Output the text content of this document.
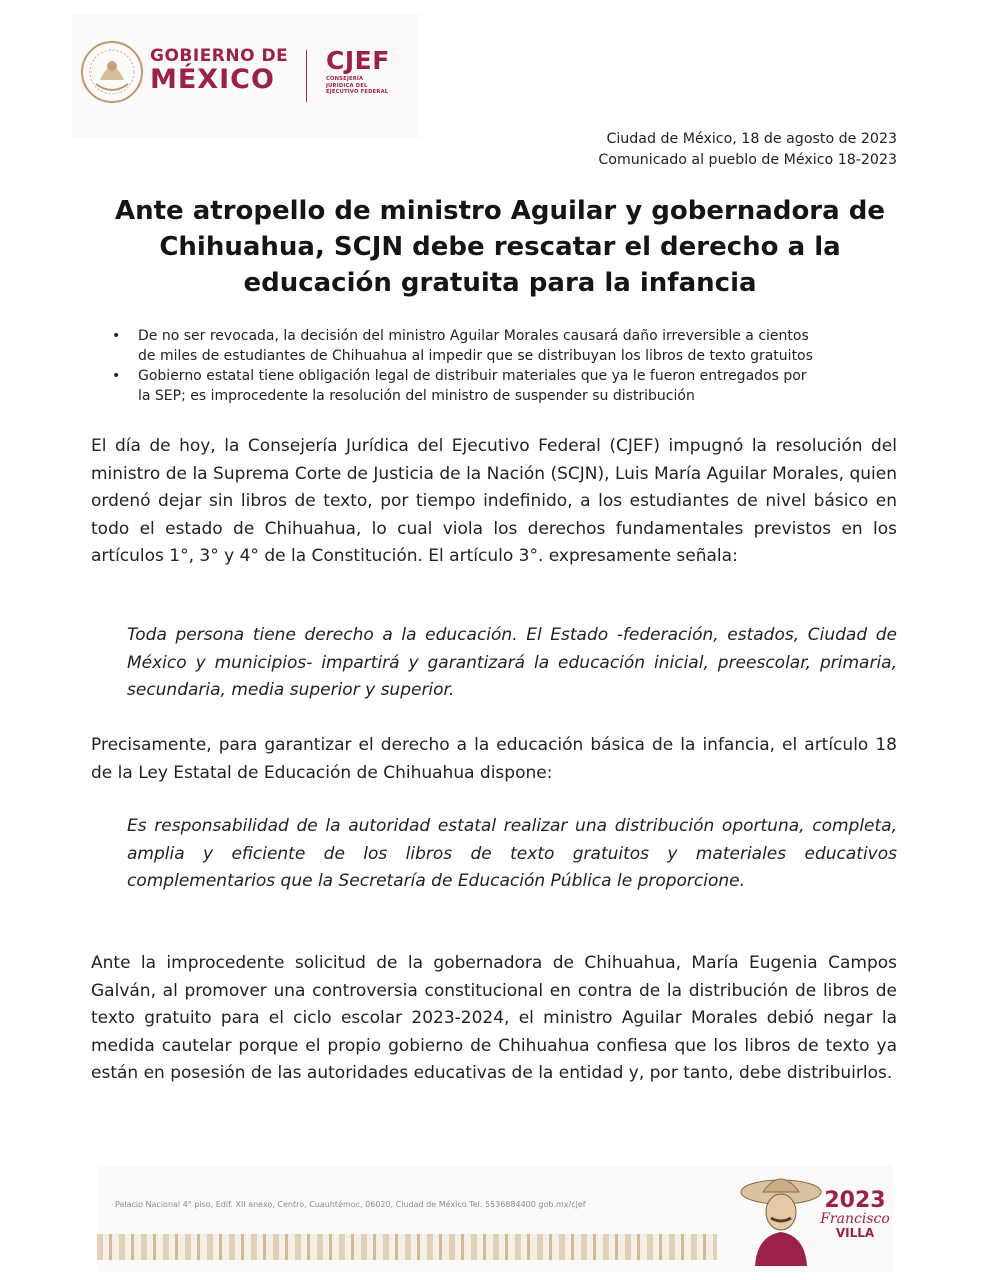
GOBIERNO DE
MÉXICO
CJEF
CONSEJERÍA
JURÍDICA DEL
EJECUTIVO FEDERAL
Ciudad de México, 18 de agosto de 2023
Comunicado al pueblo de México 18-2023
Ante atropello de ministro Aguilar y gobernadora de
Chihuahua, SCJN debe rescatar el derecho a la
educación gratuita para la infancia
• De no ser revocada, la decisión del ministro Aguilar Morales causará daño irreversible a cientos
de miles de estudiantes de Chihuahua al impedir que se distribuyan los libros de texto gratuitos
• Gobierno estatal tiene obligación legal de distribuir materiales que ya le fueron entregados por
la SEP; es improcedente la resolución del ministro de suspender su distribución

El día de hoy, la Consejería Jurídica del Ejecutivo Federal (CJEF) impugnó la resolución del ministro de la Suprema Corte de Justicia de la Nación (SCJN), Luis María Aguilar Morales, quien ordenó dejar sin libros de texto, por tiempo indefinido, a los estudiantes de nivel básico en todo el estado de Chihuahua, lo cual viola los derechos fundamentales previstos en los artículos 1°, 3° y 4° de la Constitución. El artículo 3°. expresamente señala:

Toda persona tiene derecho a la educación. El Estado -federación, estados, Ciudad de México y municipios- impartirá y garantizará la educación inicial, preescolar, primaria, secundaria, media superior y superior.

Precisamente, para garantizar el derecho a la educación básica de la infancia, el artículo 18 de la Ley Estatal de Educación de Chihuahua dispone:

Es responsabilidad de la autoridad estatal realizar una distribución oportuna, completa, amplia y eficiente de los libros de texto gratuitos y materiales educativos complementarios que la Secretaría de Educación Pública le proporcione.

Ante la improcedente solicitud de la gobernadora de Chihuahua, María Eugenia Campos Galván, al promover una controversia constitucional en contra de la distribución de libros de texto gratuito para el ciclo escolar 2023-2024, el ministro Aguilar Morales debió negar la medida cautelar porque el propio gobierno de Chihuahua confiesa que los libros de texto ya están en posesión de las autoridades educativas de la entidad y, por tanto, debe distribuirlos.

Palacio Nacional 4° piso, Edif. XII anexo, Centro, Cuauhtémoc, 06020, Ciudad de México Tel. 5536884400 gob.mx/cjef	2023
Francisco
VILLA
